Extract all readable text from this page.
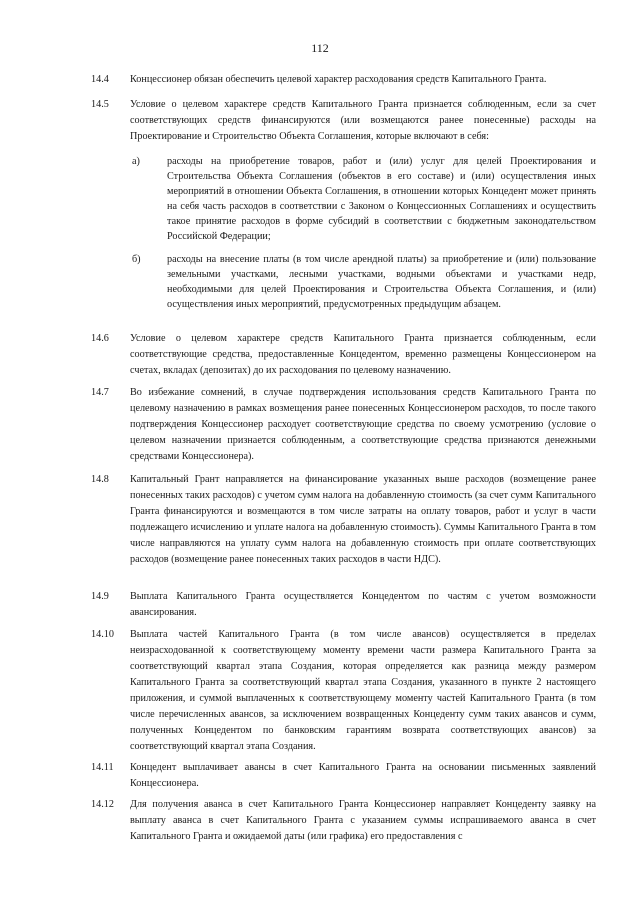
112
14.4	Концессионер обязан обеспечить целевой характер расходования средств Капитального Гранта.
14.5	Условие о целевом характере средств Капитального Гранта признается соблюденным, если за счет соответствующих средств финансируются (или возмещаются ранее понесенные) расходы на Проектирование и Строительство Объекта Соглашения, которые включают в себя:
а)	расходы на приобретение товаров, работ и (или) услуг для целей Проектирования и Строительства Объекта Соглашения (объектов в его составе) и (или) осуществления иных мероприятий в отношении Объекта Соглашения, в отношении которых Концедент может принять на себя часть расходов в соответствии с Законом о Концессионных Соглашениях и осуществить такое принятие расходов в форме субсидий в соответствии с бюджетным законодательством Российской Федерации;
б)	расходы на внесение платы (в том числе арендной платы) за приобретение и (или) пользование земельными участками, лесными участками, водными объектами и участками недр, необходимыми для целей Проектирования и Строительства Объекта Соглашения, и (или) осуществления иных мероприятий, предусмотренных предыдущим абзацем.
14.6	Условие о целевом характере средств Капитального Гранта признается соблюденным, если соответствующие средства, предоставленные Концедентом, временно размещены Концессионером на счетах, вкладах (депозитах) до их расходования по целевому назначению.
14.7	Во избежание сомнений, в случае подтверждения использования средств Капитального Гранта по целевому назначению в рамках возмещения ранее понесенных Концессионером расходов, то после такого подтверждения Концессионер расходует соответствующие средства по своему усмотрению (условие о целевом назначении признается соблюденным, а соответствующие средства признаются денежными средствами Концессионера).
14.8	Капитальный Грант направляется на финансирование указанных выше расходов (возмещение ранее понесенных таких расходов) с учетом сумм налога на добавленную стоимость (за счет сумм Капитального Гранта финансируются и возмещаются в том числе затраты на оплату товаров, работ и услуг в части подлежащего исчислению и уплате налога на добавленную стоимость). Суммы Капитального Гранта в том числе направляются на уплату сумм налога на добавленную стоимость при оплате соответствующих расходов (возмещение ранее понесенных таких расходов в части НДС).
14.9	Выплата Капитального Гранта осуществляется Концедентом по частям с учетом возможности авансирования.
14.10	Выплата частей Капитального Гранта (в том числе авансов) осуществляется в пределах неизрасходованной к соответствующему моменту времени части размера Капитального Гранта за соответствующий квартал этапа Создания, которая определяется как разница между размером Капитального Гранта за соответствующий квартал этапа Создания, указанного в пункте 2 настоящего приложения, и суммой выплаченных к соответствующему моменту частей Капитального Гранта (в том числе перечисленных авансов, за исключением возвращенных Концеденту сумм таких авансов и сумм, полученных Концедентом по банковским гарантиям возврата соответствующих авансов) за соответствующий квартал этапа Создания.
14.11	Концедент выплачивает авансы в счет Капитального Гранта на основании письменных заявлений Концессионера.
14.12	Для получения аванса в счет Капитального Гранта Концессионер направляет Концеденту заявку на выплату аванса в счет Капитального Гранта с указанием суммы испрашиваемого аванса в счет Капитального Гранта и ожидаемой даты (или графика) его предоставления с
